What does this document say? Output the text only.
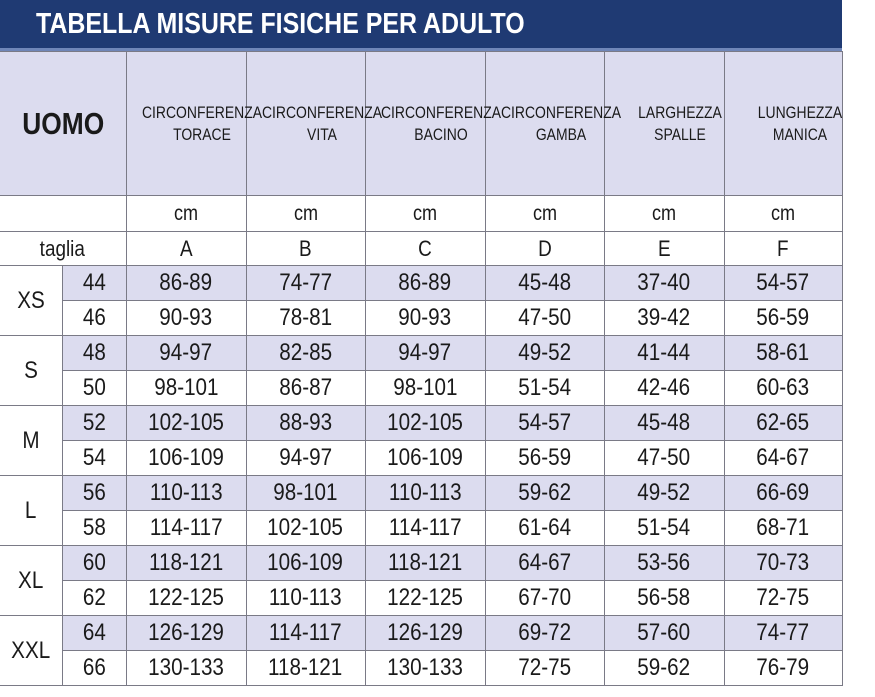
TABELLA MISURE FISICHE PER ADULTO
UOMO		CIRCONFERENZA TORACE	CIRCONFERENZA VITA	CIRCONFERENZA BACINO	CIRCONFERENZA GAMBA	LARGHEZZA SPALLE	LUNGHEZZA MANICA
		cm	cm	cm	cm	cm	cm
taglia		A	B	C	D	E	F
XS	44	86-89	74-77	86-89	45-48	37-40	54-57
	46	90-93	78-81	90-93	47-50	39-42	56-59
S	48	94-97	82-85	94-97	49-52	41-44	58-61
	50	98-101	86-87	98-101	51-54	42-46	60-63
M	52	102-105	88-93	102-105	54-57	45-48	62-65
	54	106-109	94-97	106-109	56-59	47-50	64-67
L	56	110-113	98-101	110-113	59-62	49-52	66-69
	58	114-117	102-105	114-117	61-64	51-54	68-71
XL	60	118-121	106-109	118-121	64-67	53-56	70-73
	62	122-125	110-113	122-125	67-70	56-58	72-75
XXL	64	126-129	114-117	126-129	69-72	57-60	74-77
	66	130-133	118-121	130-133	72-75	59-62	76-79
